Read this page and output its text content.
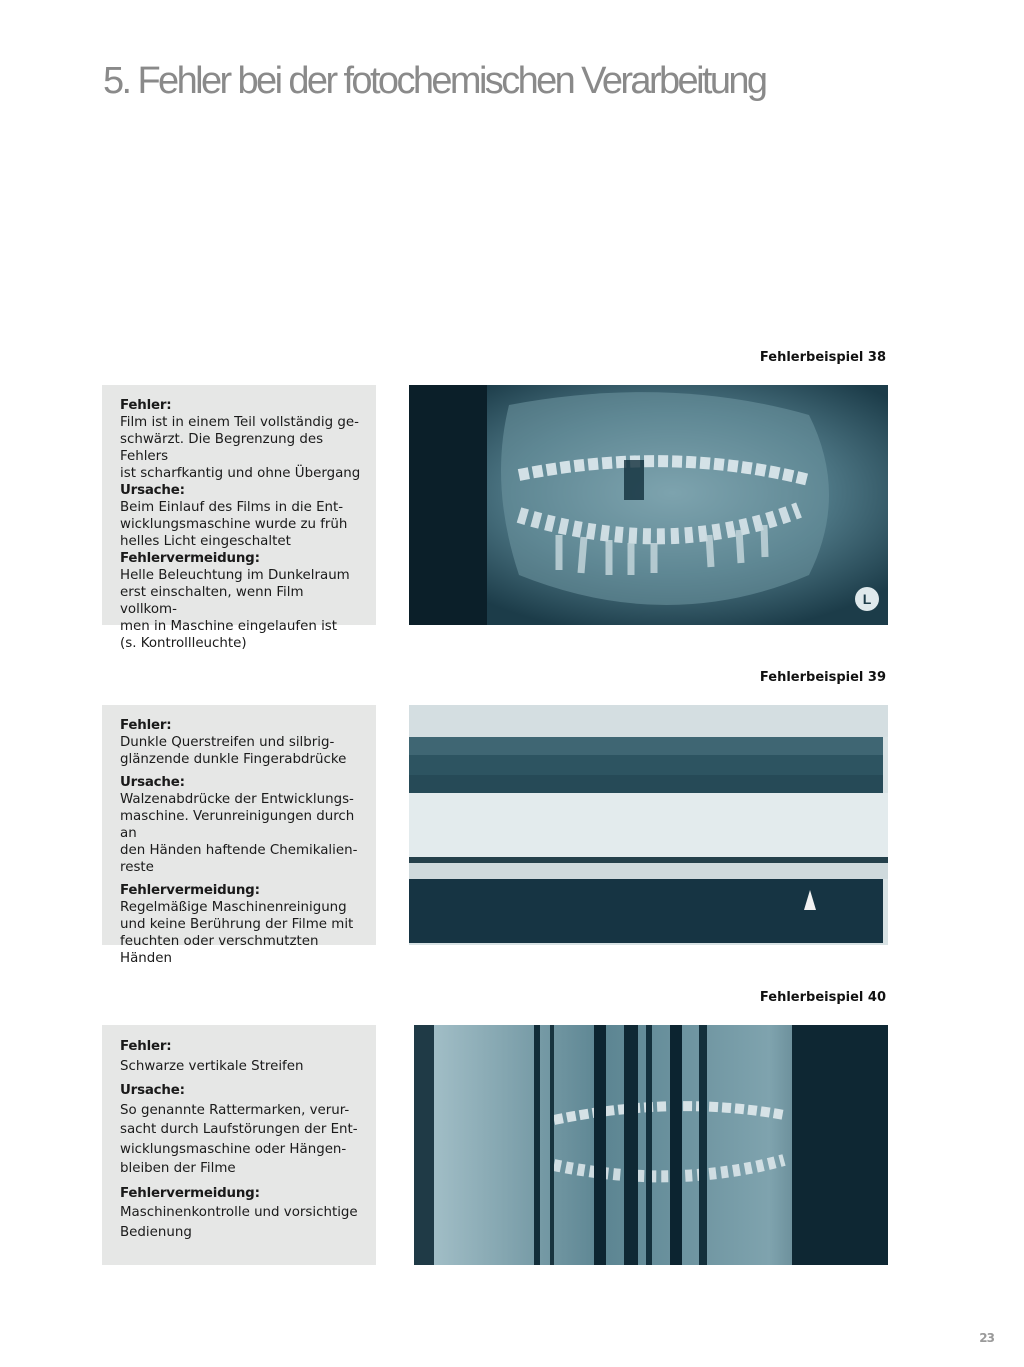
5. Fehler bei der fotochemischen Verarbeitung
Fehlerbeispiel 38
Fehler:
Film ist in einem Teil vollständig ge-
schwärzt. Die Begrenzung des Fehlers
ist scharfkantig und ohne Übergang
Ursache:
Beim Einlauf des Films in die Ent-
wicklungsmaschine wurde zu früh
helles Licht eingeschaltet
Fehlervermeidung:
Helle Beleuchtung im Dunkelraum
erst einschalten, wenn Film vollkom-
men in Maschine eingelaufen ist
(s. Kontrollleuchte)
L
Fehlerbeispiel 39
Fehler:
Dunkle Querstreifen und silbrig-
glänzende dunkle Fingerabdrücke
Ursache:
Walzenabdrücke der Entwicklungs-
maschine. Verunreinigungen durch an
den Händen haftende Chemikalien-
reste
Fehlervermeidung:
Regelmäßige Maschinenreinigung
und keine Berührung der Filme mit
feuchten oder verschmutzten Händen
Fehlerbeispiel 40
Fehler:
Schwarze vertikale Streifen
Ursache:
So genannte Rattermarken, verur-
sacht durch Laufstörungen der Ent-
wicklungsmaschine oder Hängen-
bleiben der Filme
Fehlervermeidung:
Maschinenkontrolle und vorsichtige
Bedienung
23
